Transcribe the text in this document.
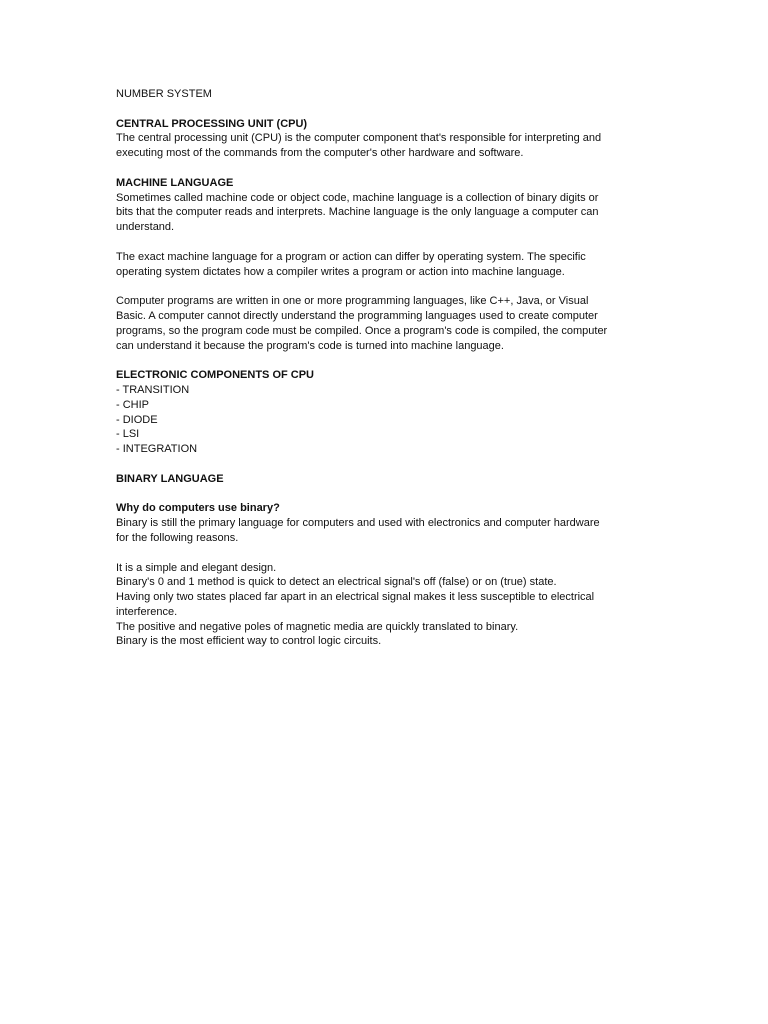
NUMBER SYSTEM

CENTRAL PROCESSING UNIT (CPU)

The central processing unit (CPU) is the computer component that's responsible for interpreting and

executing most of the commands from the computer's other hardware and software.

MACHINE LANGUAGE

Sometimes called machine code or object code, machine language is a collection of binary digits or

bits that the computer reads and interprets. Machine language is the only language a computer can

understand.

The exact machine language for a program or action can differ by operating system. The specific

operating system dictates how a compiler writes a program or action into machine language.

Computer programs are written in one or more programming languages, like C++, Java, or Visual

Basic. A computer cannot directly understand the programming languages used to create computer

programs, so the program code must be compiled. Once a program's code is compiled, the computer

can understand it because the program's code is turned into machine language.

ELECTRONIC COMPONENTS OF CPU

- TRANSITION

- CHIP

- DIODE

- LSI

- INTEGRATION

BINARY LANGUAGE

Why do computers use binary?

Binary is still the primary language for computers and used with electronics and computer hardware

for the following reasons.

It is a simple and elegant design.

Binary's 0 and 1 method is quick to detect an electrical signal's off (false) or on (true) state.

Having only two states placed far apart in an electrical signal makes it less susceptible to electrical

interference.

The positive and negative poles of magnetic media are quickly translated to binary.

Binary is the most efficient way to control logic circuits.
